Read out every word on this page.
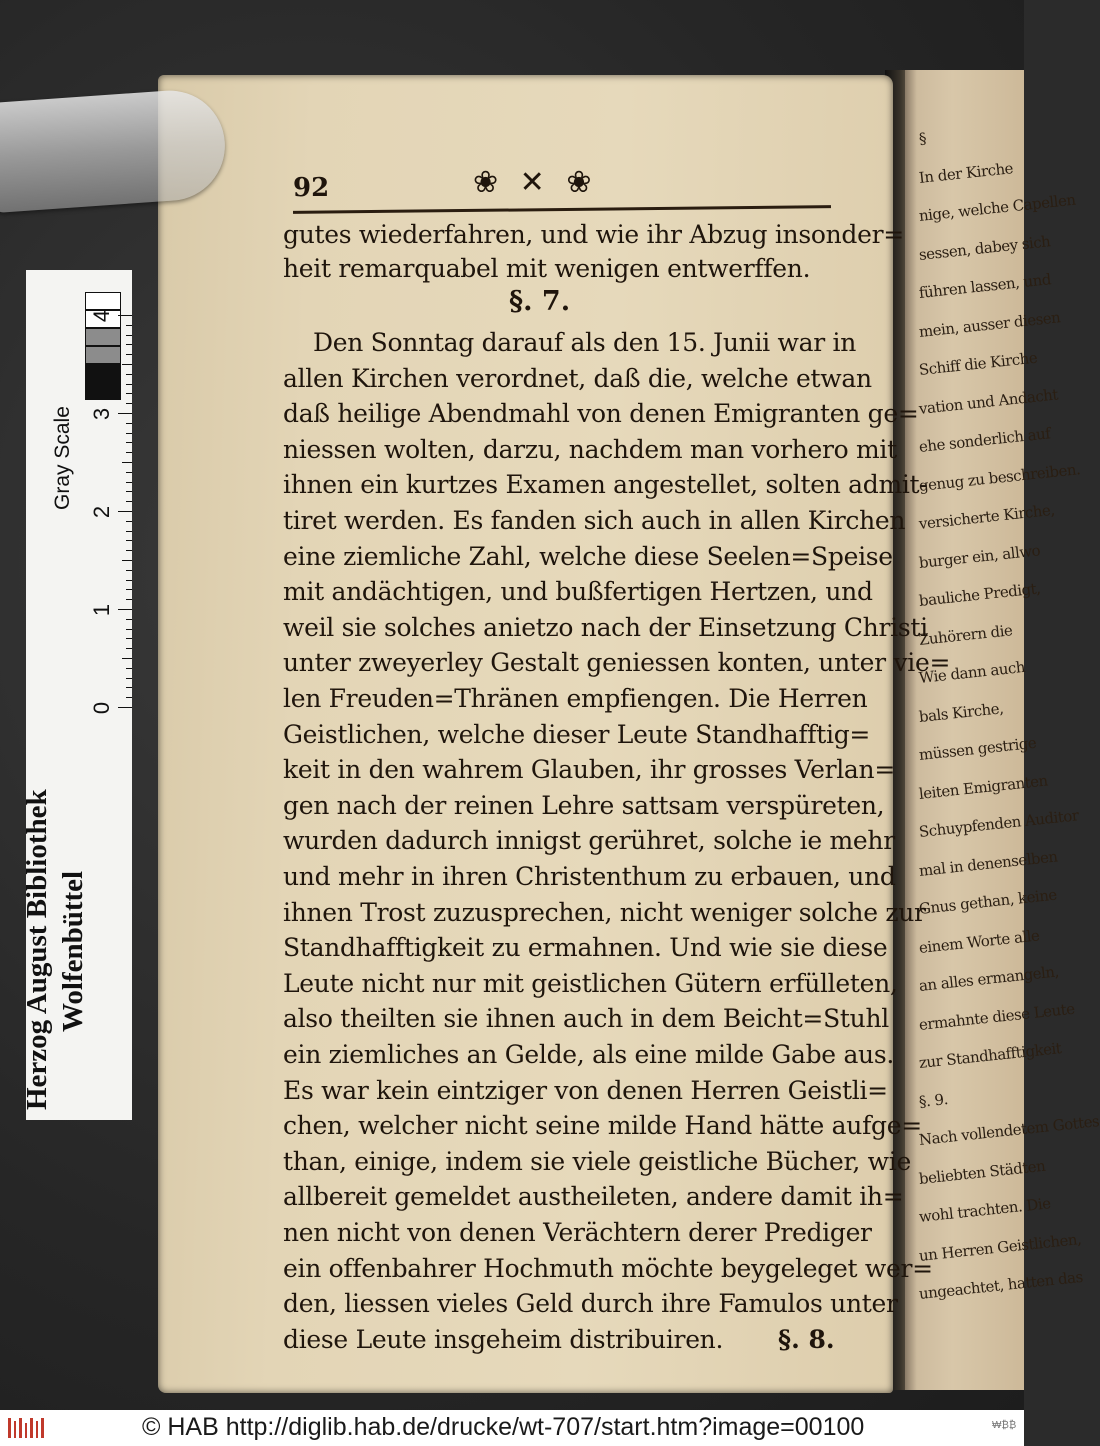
§
In der Kirche
nige, welche Capellen
sessen, dabey sich
führen lassen, und
mein, ausser diesen
Schiff die Kirche
vation und Andacht
ehe sonderlich auf
genug zu beschreiben.
versicherte Kirche,
burger ein, allwo
bauliche Predigt,
Zuhörern die
Wie dann auch
bals Kirche,
müssen gestrige
leiten Emigranten
Schuypfenden Auditor
mal in denenselben
Gnus gethan, keine
einem Worte alle
an alles ermangeln,
ermahnte diese Leute
zur Standhafftigkeit
§. 9.
Nach vollendetem Gottes
beliebten Städten
wohl trachten. Die
un Herren Geistlichen,
ungeachtet, hatten das
92	❀ ✕ ❀
gutes wiederfahren, und wie ihr Abzug insonder=
heit remarquabel mit wenigen entwerffen.
§. 7.
Den Sonntag darauf als den 15. Junii war in
allen Kirchen verordnet, daß die, welche etwan
daß heilige Abendmahl von denen Emigranten ge=
niessen wolten, darzu, nachdem man vorhero mit
ihnen ein kurtzes Examen angestellet, solten admit-
tiret werden. Es fanden sich auch in allen Kirchen
eine ziemliche Zahl, welche diese Seelen=Speise
mit andächtigen, und bußfertigen Hertzen, und
weil sie solches anietzo nach der Einsetzung Christi
unter zweyerley Gestalt geniessen konten, unter vie=
len Freuden=Thränen empfiengen. Die Herren
Geistlichen, welche dieser Leute Standhafftig=
keit in den wahrem Glauben, ihr grosses Verlan=
gen nach der reinen Lehre sattsam verspüreten,
wurden dadurch innigst gerühret, solche ie mehr
und mehr in ihren Christenthum zu erbauen, und
ihnen Trost zuzusprechen, nicht weniger solche zur
Standhafftigkeit zu ermahnen. Und wie sie diese
Leute nicht nur mit geistlichen Gütern erfülleten,
also theilten sie ihnen auch in dem Beicht=Stuhl
ein ziemliches an Gelde, als eine milde Gabe aus.
Es war kein eintziger von denen Herren Geistli=
chen, welcher nicht seine milde Hand hätte aufge=
than, einige, indem sie viele geistliche Bücher, wie
allbereit gemeldet austheileten, andere damit ih=
nen nicht von denen Verächtern derer Prediger
ein offenbahrer Hochmuth möchte beygeleget wer=
den, liessen vieles Geld durch ihre Famulos unter
diese Leute insgeheim distribuiren. §. 8.
Herzog August Bibliothek Wolfenbüttel
Gray Scale
0
1
2
3
4
© HAB http://diglib.hab.de/drucke/wt-707/start.htm?image=00100	₩₿₿
